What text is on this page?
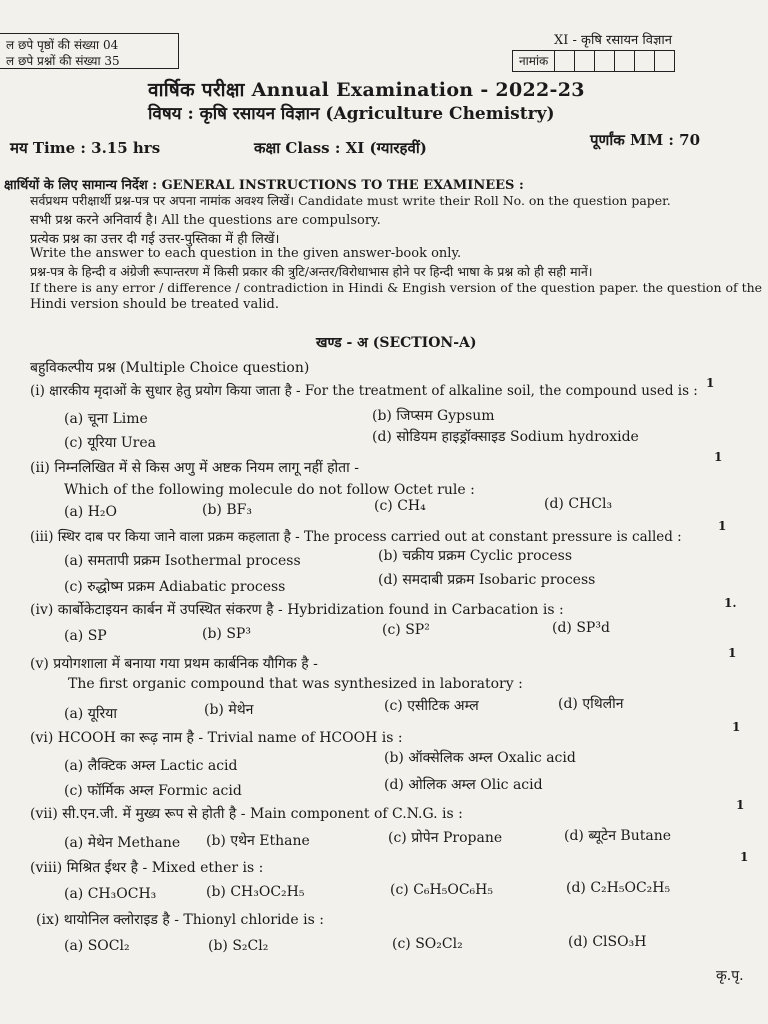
ल छपे पृष्ठों की संख्या 04
ल छपे प्रश्नों की संख्या 35
XI - कृषि रसायन विज्ञान
नामांक
वार्षिक परीक्षा Annual Examination - 2022-23
विषय : कृषि रसायन विज्ञान (Agriculture Chemistry)
मय Time : 3.15 hrs	कक्षा Class : XI (ग्यारहवीं)	पूर्णांक MM : 70
क्षार्थियों के लिए सामान्य निर्देश : GENERAL INSTRUCTIONS TO THE EXAMINEES :
सर्वप्रथम परीक्षार्थी प्रश्न-पत्र पर अपना नामांक अवश्य लिखें। Candidate must write their Roll No. on the question paper.
सभी प्रश्न करने अनिवार्य है। All the questions are compulsory.
प्रत्येक प्रश्न का उत्तर दी गई उत्तर-पुस्तिका में ही लिखें।
Write the answer to each question in the given answer-book only.
प्रश्न-पत्र के हिन्दी व अंग्रेजी रूपान्तरण में किसी प्रकार की त्रुटि/अन्तर/विरोधाभास होने पर हिन्दी भाषा के प्रश्न को ही सही मानें।
If there is any error / difference / contradiction in Hindi & Engish version of the question paper. the question of the
Hindi version should be treated valid.
खण्ड - अ (SECTION-A)
बहुविकल्पीय प्रश्न (Multiple Choice question)
(i) क्षारकीय मृदाओं के सुधार हेतु प्रयोग किया जाता है - For the treatment of alkaline soil, the compound used is : 1
(a) चूना Lime	(b) जिप्सम Gypsum
(c) यूरिया Urea	(d) सोडियम हाइड्रॉक्साइड Sodium hydroxide
(ii) निम्नलिखित में से किस अणु में अष्टक नियम लागू नहीं होता -
1
Which of the following molecule do not follow Octet rule :
(a) H₂O	(b) BF₃	(c) CH₄	(d) CHCl₃
(iii) स्थिर दाब पर किया जाने वाला प्रक्रम कहलाता है - The process carried out at constant pressure is called :
1
(a) समतापी प्रक्रम Isothermal process	(b) चक्रीय प्रक्रम Cyclic process
(c) रुद्धोष्म प्रक्रम Adiabatic process	(d) समदाबी प्रक्रम Isobaric process
(iv) कार्बोकेटाइयन कार्बन में उपस्थित संकरण है - Hybridization found in Carbacation is :	1.
(a) SP	(b) SP³	(c) SP²	(d) SP³d
(v) प्रयोगशाला में बनाया गया प्रथम कार्बनिक यौगिक है -
1
The first organic compound that was synthesized in laboratory :
(a) यूरिया	(b) मेथेन	(c) एसीटिक अम्ल	(d) एथिलीन
(vi) HCOOH का रूढ़ नाम है - Trivial name of HCOOH is :
1
(a) लैक्टिक अम्ल Lactic acid	(b) ऑक्सेलिक अम्ल Oxalic acid
(c) फॉर्मिक अम्ल Formic acid	(d) ओलिक अम्ल Olic acid
(vii) सी.एन.जी. में मुख्य रूप से होती है - Main component of C.N.G. is :
1
(a) मेथेन Methane (b) एथेन Ethane	(c) प्रोपेन Propane	(d) ब्यूटेन Butane
(viii) मिश्रित ईथर है - Mixed ether is :
1
(a) CH₃OCH₃	(b) CH₃OC₂H₅	(c) C₆H₅OC₆H₅	(d) C₂H₅OC₂H₅
(ix) थायोनिल क्लोराइड है - Thionyl chloride is :
(a) SOCl₂	(b) S₂Cl₂	(c) SO₂Cl₂	(d) ClSO₃H
कृ.पृ.
